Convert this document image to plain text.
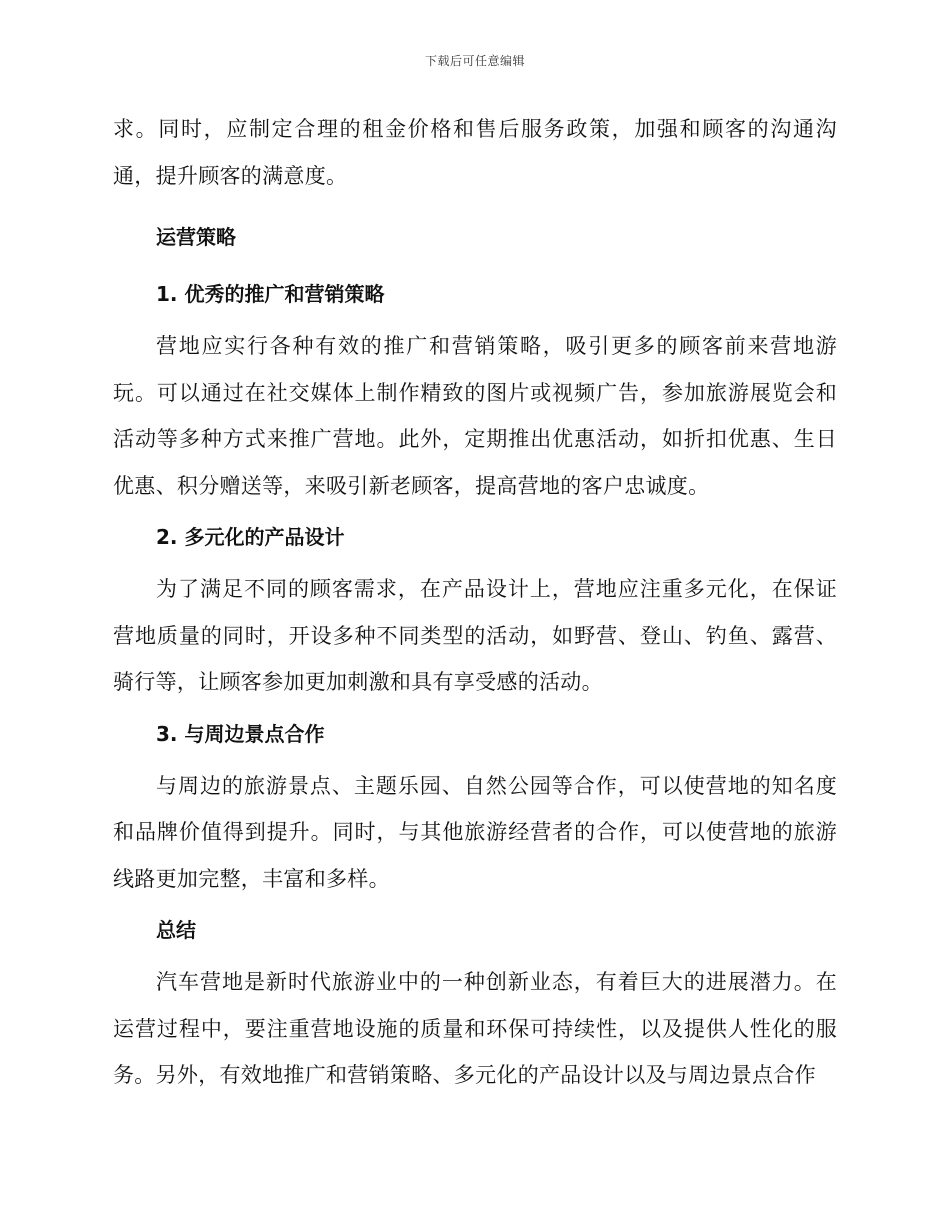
下载后可任意编辑

求。同时，应制定合理的租金价格和售后服务政策，加强和顾客的沟通沟通，提升顾客的满意度。

运营策略
1. 优秀的推广和营销策略

营地应实行各种有效的推广和营销策略，吸引更多的顾客前来营地游玩。可以通过在社交媒体上制作精致的图片或视频广告，参加旅游展览会和活动等多种方式来推广营地。此外，定期推出优惠活动，如折扣优惠、生日优惠、积分赠送等，来吸引新老顾客，提高营地的客户忠诚度。

2. 多元化的产品设计

为了满足不同的顾客需求，在产品设计上，营地应注重多元化，在保证营地质量的同时，开设多种不同类型的活动，如野营、登山、钓鱼、露营、骑行等，让顾客参加更加刺激和具有享受感的活动。

3. 与周边景点合作

与周边的旅游景点、主题乐园、自然公园等合作，可以使营地的知名度和品牌价值得到提升。同时，与其他旅游经营者的合作，可以使营地的旅游线路更加完整，丰富和多样。

总结

汽车营地是新时代旅游业中的一种创新业态，有着巨大的进展潜力。在运营过程中，要注重营地设施的质量和环保可持续性，以及提供人性化的服务。另外，有效地推广和营销策略、多元化的产品设计以及与周边景点合作
